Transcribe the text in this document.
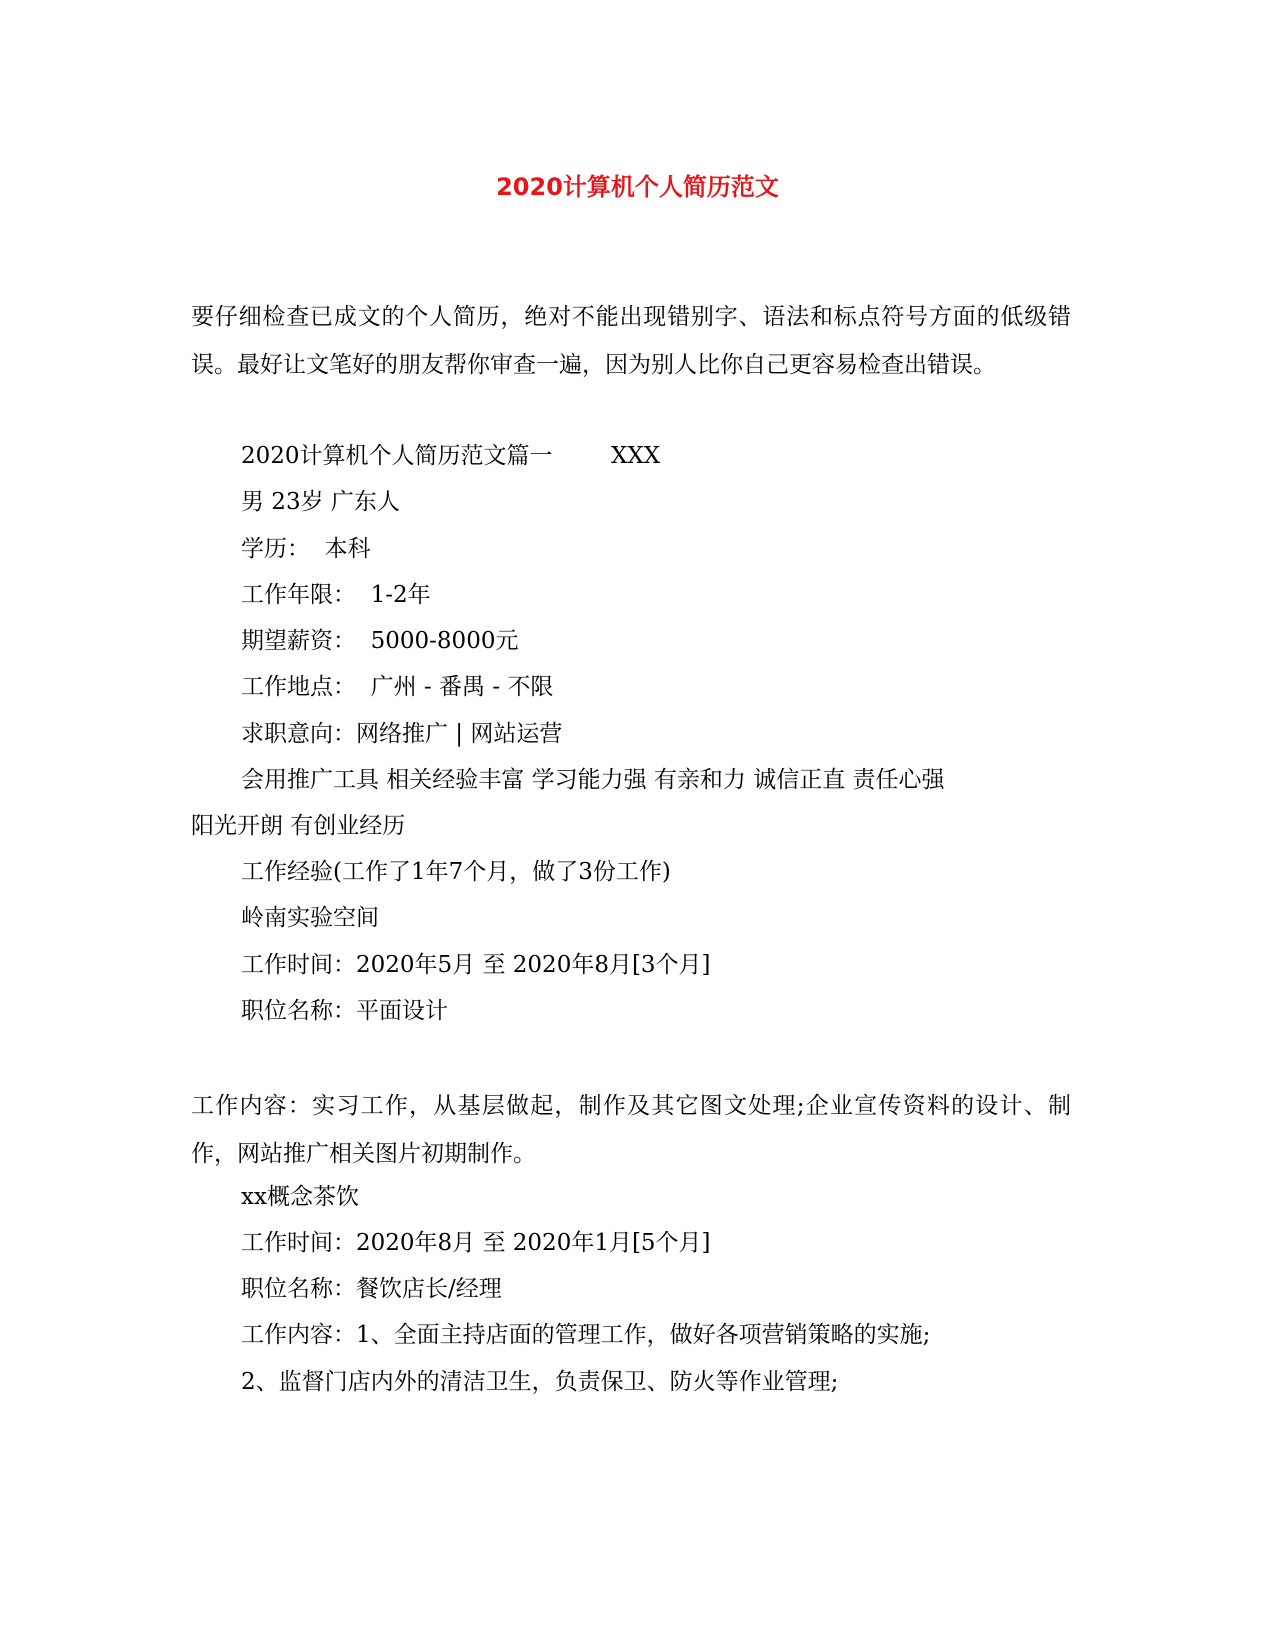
2020计算机个人简历范文

要仔细检查已成文的个人简历，绝对不能出现错别字、语法和标点符号方面的低级错误。最好让文笔好的朋友帮你审查一遍，因为别人比你自己更容易检查出错误。

2020计算机个人简历范文篇一        XXX

男 23岁 广东人

学历：  本科

工作年限：  1-2年

期望薪资：  5000-8000元

工作地点：  广州 - 番禺 - 不限

求职意向：网络推广 | 网站运营

会用推广工具 相关经验丰富 学习能力强 有亲和力 诚信正直 责任心强

阳光开朗 有创业经历

工作经验(工作了1年7个月，做了3份工作)

岭南实验空间

工作时间：2020年5月 至 2020年8月[3个月]

职位名称：平面设计

工作内容：实习工作，从基层做起，制作及其它图文处理;企业宣传资料的设计、制作，网站推广相关图片初期制作。

xx概念茶饮

工作时间：2020年8月 至 2020年1月[5个月]

职位名称：餐饮店长/经理

工作内容：1、全面主持店面的管理工作，做好各项营销策略的实施;

2、监督门店内外的清洁卫生，负责保卫、防火等作业管理;
